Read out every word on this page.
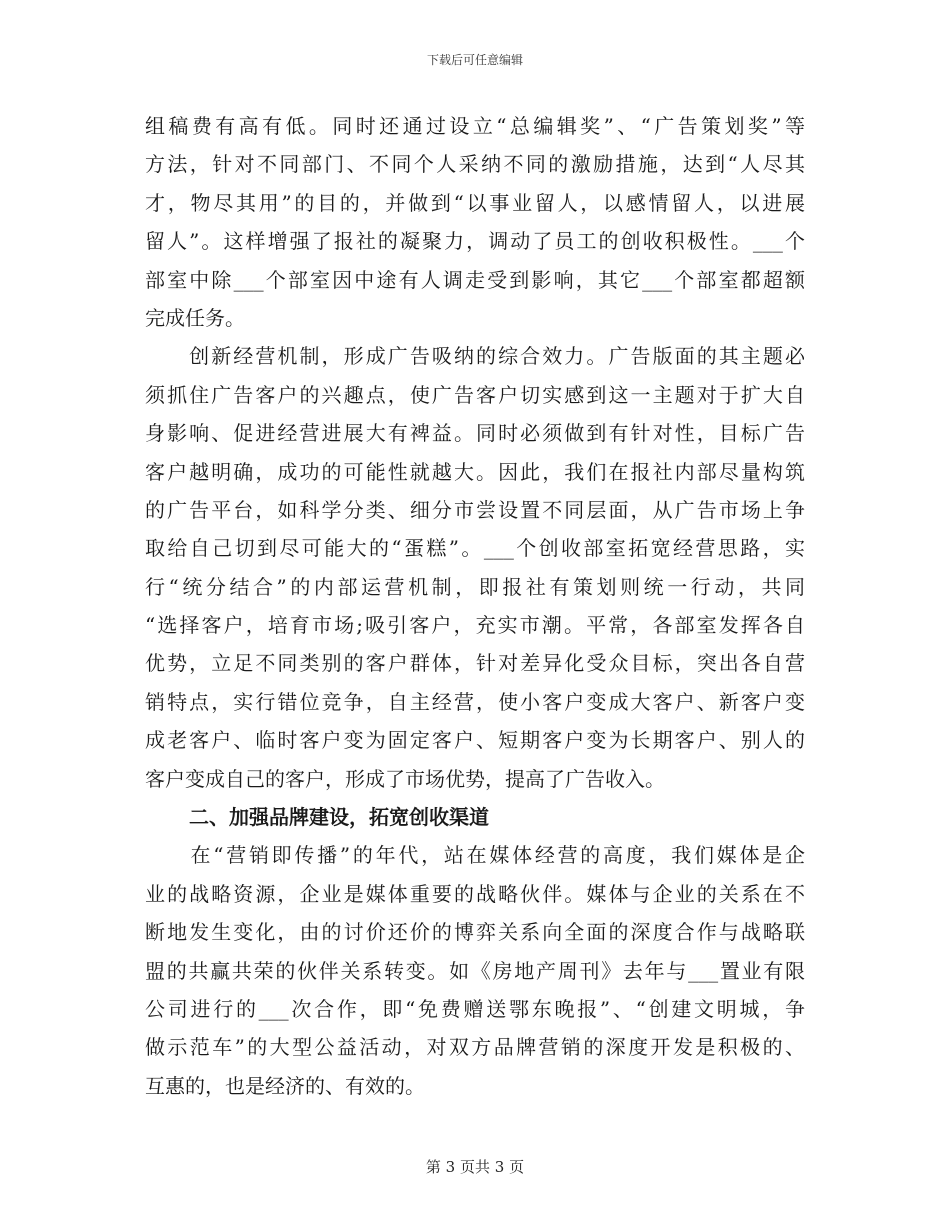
下载后可任意编辑
组稿费有高有低。同时还通过设立“总编辑奖”、“广告策划奖”等
方法，针对不同部门、不同个人采纳不同的激励措施，达到“人尽其
才，物尽其用”的目的，并做到“以事业留人，以感情留人，以进展
留人”。这样增强了报社的凝聚力，调动了员工的创收积极性。___个
部室中除___个部室因中途有人调走受到影响，其它___个部室都超额
完成任务。
　　创新经营机制，形成广告吸纳的综合效力。广告版面的其主题必
须抓住广告客户的兴趣点，使广告客户切实感到这一主题对于扩大自
身影响、促进经营进展大有裨益。同时必须做到有针对性，目标广告
客户越明确，成功的可能性就越大。因此，我们在报社内部尽量构筑
的广告平台，如科学分类、细分市尝设置不同层面，从广告市场上争
取给自己切到尽可能大的“蛋糕”。___个创收部室拓宽经营思路，实
行“统分结合”的内部运营机制，即报社有策划则统一行动，共同
“选择客户，培育市场;吸引客户，充实市潮。平常，各部室发挥各自
优势，立足不同类别的客户群体，针对差异化受众目标，突出各自营
销特点，实行错位竞争，自主经营，使小客户变成大客户、新客户变
成老客户、临时客户变为固定客户、短期客户变为长期客户、别人的
客户变成自己的客户，形成了市场优势，提高了广告收入。
二、加强品牌建设，拓宽创收渠道
　　在“营销即传播”的年代，站在媒体经营的高度，我们媒体是企
业的战略资源，企业是媒体重要的战略伙伴。媒体与企业的关系在不
断地发生变化，由的讨价还价的博弈关系向全面的深度合作与战略联
盟的共赢共荣的伙伴关系转变。如《房地产周刊》去年与___置业有限
公司进行的___次合作，即“免费赠送鄂东晚报”、“创建文明城，争
做示范车”的大型公益活动，对双方品牌营销的深度开发是积极的、
互惠的，也是经济的、有效的。
第 3 页共 3 页
